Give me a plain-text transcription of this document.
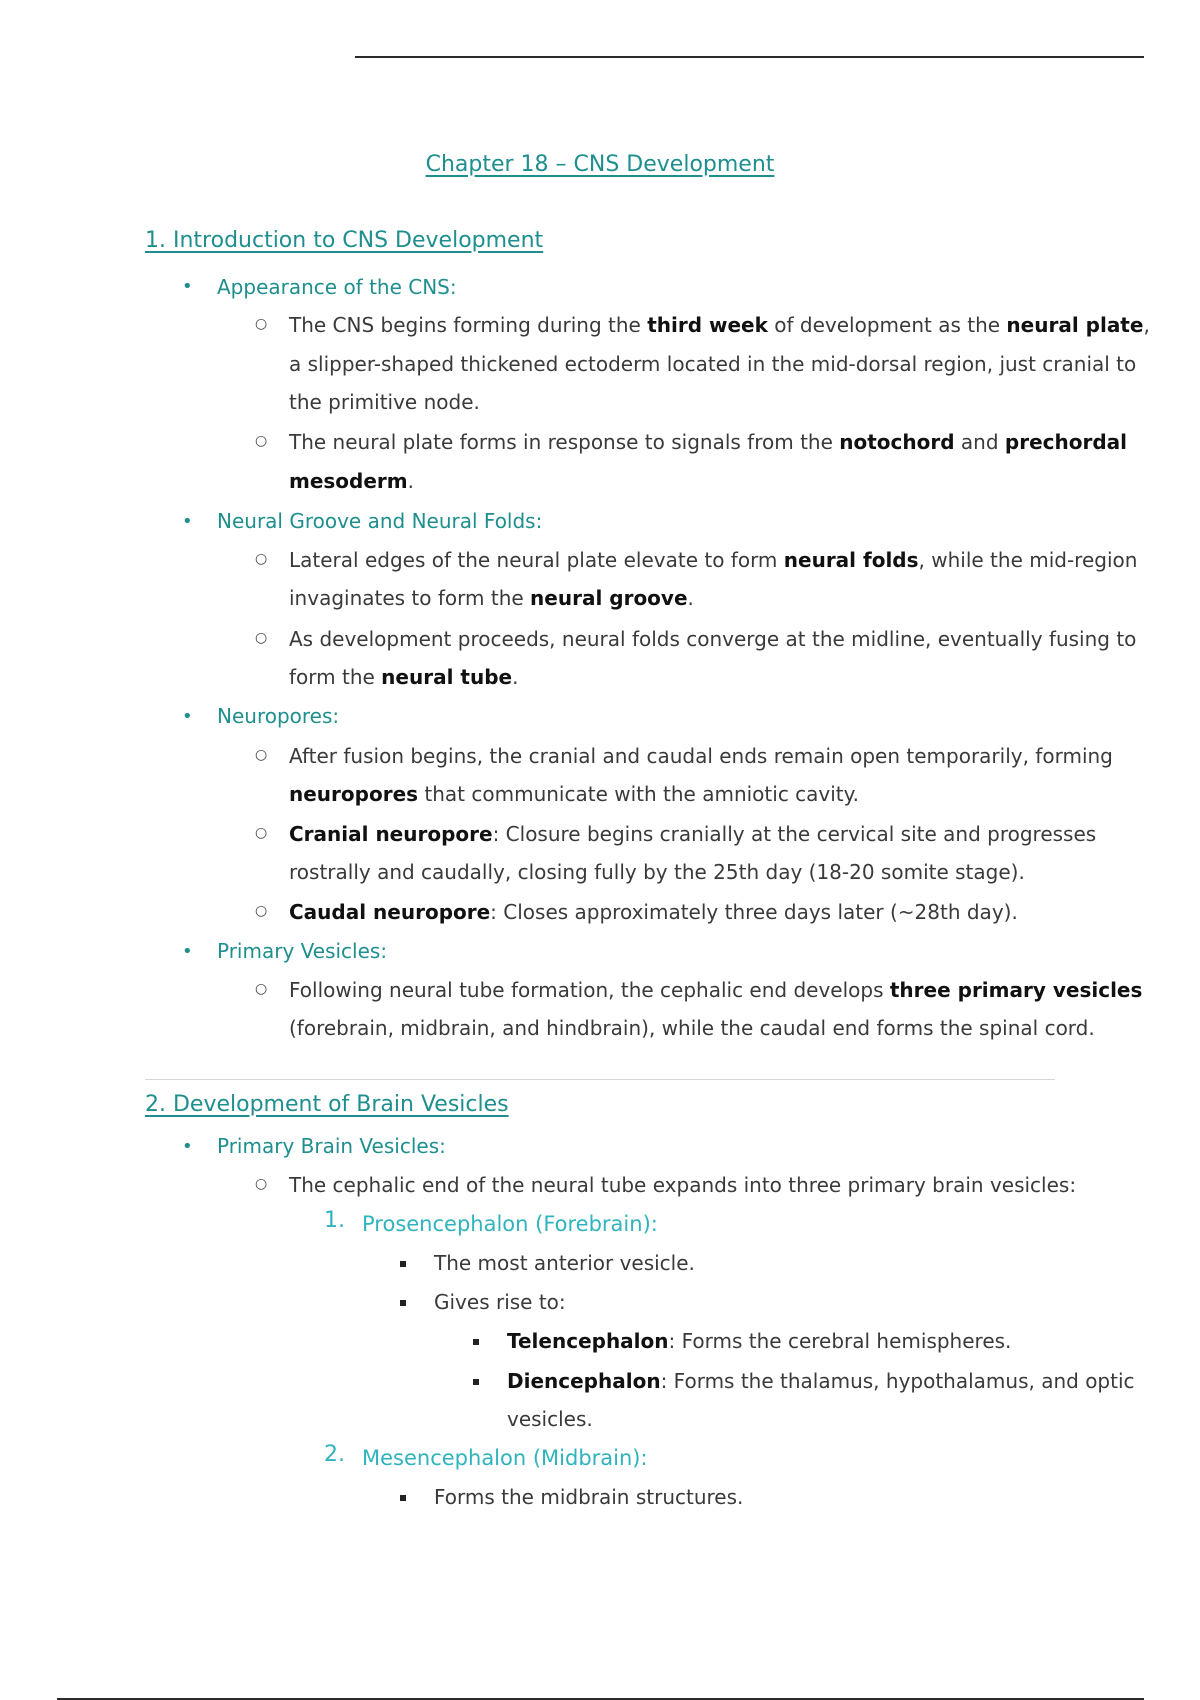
Chapter 18 – CNS Development
1. Introduction to CNS Development
• Appearance of the CNS:
○ The CNS begins forming during the third week of development as the neural plate,
a slipper-shaped thickened ectoderm located in the mid-dorsal region, just cranial to
the primitive node.
○ The neural plate forms in response to signals from the notochord and prechordal
mesoderm.
• Neural Groove and Neural Folds:
○ Lateral edges of the neural plate elevate to form neural folds, while the mid-region
invaginates to form the neural groove.
○ As development proceeds, neural folds converge at the midline, eventually fusing to
form the neural tube.
• Neuropores:
○ After fusion begins, the cranial and caudal ends remain open temporarily, forming
neuropores that communicate with the amniotic cavity.
○ Cranial neuropore: Closure begins cranially at the cervical site and progresses
rostrally and caudally, closing fully by the 25th day (18-20 somite stage).
○ Caudal neuropore: Closes approximately three days later (~28th day).
• Primary Vesicles:
○ Following neural tube formation, the cephalic end develops three primary vesicles
(forebrain, midbrain, and hindbrain), while the caudal end forms the spinal cord.
2. Development of Brain Vesicles
• Primary Brain Vesicles:
○ The cephalic end of the neural tube expands into three primary brain vesicles:
1. Prosencephalon (Forebrain):
The most anterior vesicle.
Gives rise to:
Telencephalon: Forms the cerebral hemispheres.
Diencephalon: Forms the thalamus, hypothalamus, and optic
vesicles.
2. Mesencephalon (Midbrain):
Forms the midbrain structures.
